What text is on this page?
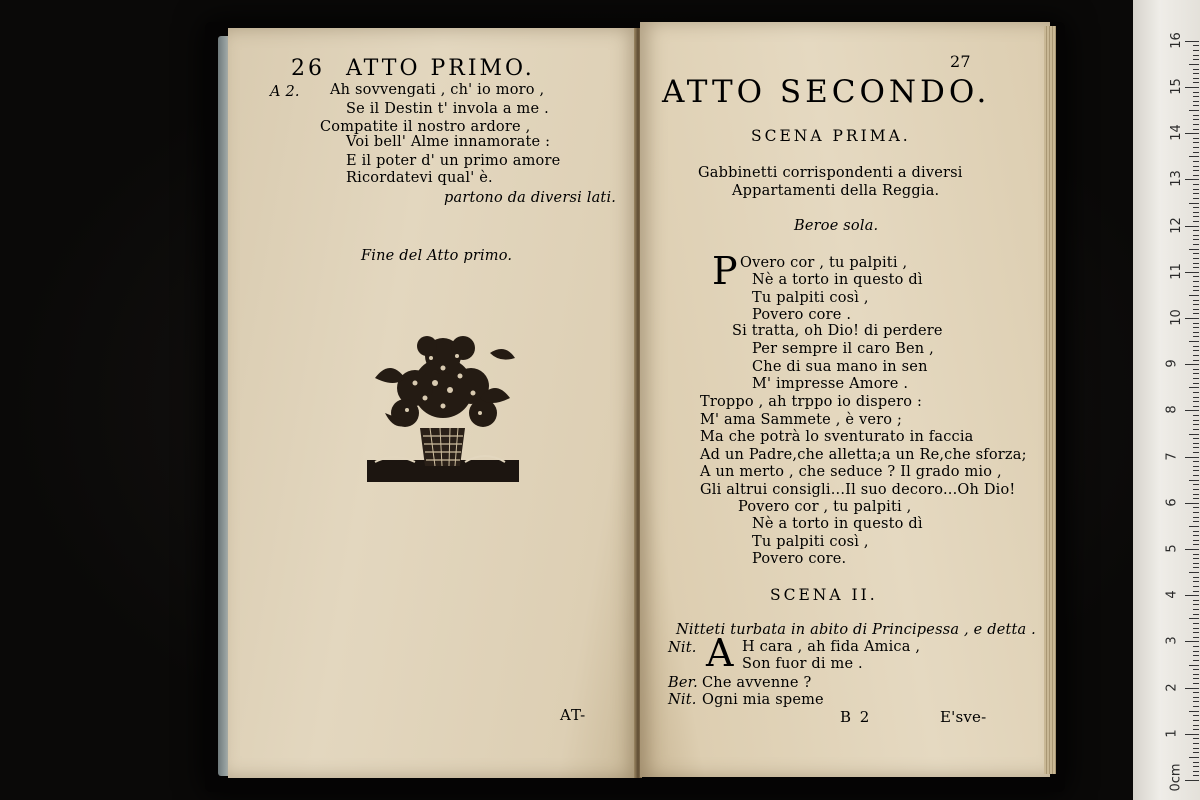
26 ATTO PRIMO.
A 2. Ah sovvengati , ch' io moro ,
Se il Destin t' invola a me .
Compatite il nostro ardore ,
Voi bell' Alme innamorate :
E il poter d' un primo amore
Ricordatevi qual' è.
partono da diversi lati.
Fine del Atto primo.
AT-
27
ATTO SECONDO.
SCENA PRIMA.
Gabbinetti corrispondenti a diversi
Appartamenti della Reggia.
Beroe sola.
P Overo cor , tu palpiti ,
Nè a torto in questo dì
Tu palpiti così ,
Povero core .
Si tratta, oh Dio! di perdere
Per sempre il caro Ben ,
Che di sua mano in sen
M' impresse Amore .
Troppo , ah trppo io dispero :
M' ama Sammete , è vero ;
Ma che potrà lo sventurato in faccia
Ad un Padre,che alletta;a un Re,che sforza;
A un merto , che seduce ? Il grado mio ,
Gli altrui consigli...Il suo decoro...Oh Dio!
Povero cor , tu palpiti ,
Nè a torto in questo dì
Tu palpiti così ,
Povero core.
SCENA II.
Nitteti turbata in abito di Principessa , e detta .
Nit. A H cara , ah fida Amica ,
Son fuor di me .
Ber. Che avvenne ?
Nit. Ogni mia speme
B 2	E'sve-
0cm
1
2
3
4
5
6
7
8
9
10
11
12
13
14
15
16
